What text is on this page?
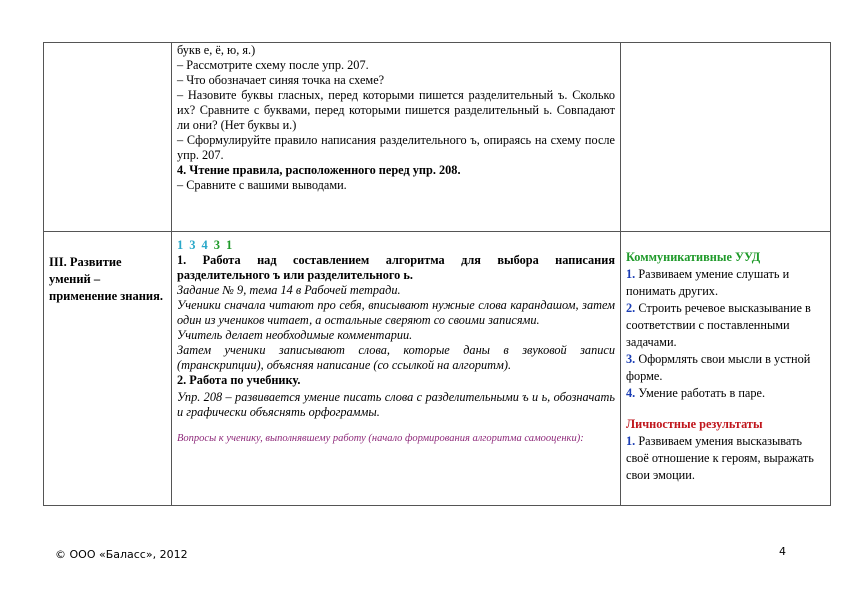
букв е, ё, ю, я.)

– Рассмотрите схему после упр. 207.

– Что обозначает синяя точка на схеме?

– Назовите буквы гласных, перед которыми пишется разделительный ъ. Сколько их? Сравните с буквами, перед которыми пишется разделительный ь. Совпадают ли они? (Нет буквы и.)

– Сформулируйте правило написания разделительного ъ, опираясь на схему после упр. 207.

4. Чтение правила, расположенного перед упр. 208.

– Сравните с вашими выводами.

III. Развитие умений – применение знания.

1 3 4 3 1

1. Работа над составлением алгоритма для выбора написания разделительного ъ или разделительного ь.

Задание № 9, тема 14 в Рабочей тетради.

Ученики сначала читают про себя, вписывают нужные слова карандашом, затем один из учеников читает, а остальные сверяют со своими записями.

Учитель делает необходимые комментарии.

Затем ученики записывают слова, которые даны в звуковой записи (транскрипции), объясняя написание (со ссылкой на алгоритм).

2. Работа по учебнику.

Упр. 208 – развивается умение писать слова с разделительными ъ и ь, обозначать и графически объяснять орфограммы.

Вопросы к ученику, выполнявшему работу (начало формирования алгоритма самооценки):

Коммуникативные УУД

1. Развиваем умение слушать и понимать других.

2. Строить речевое высказывание в соответствии с поставленными задачами.

3. Оформлять свои мысли в устной форме.

4. Умение работать в паре.

Личностные результаты

1. Развиваем умения высказывать своё отношение к героям, выражать свои эмоции.

© ООО «Баласс», 2012	4
